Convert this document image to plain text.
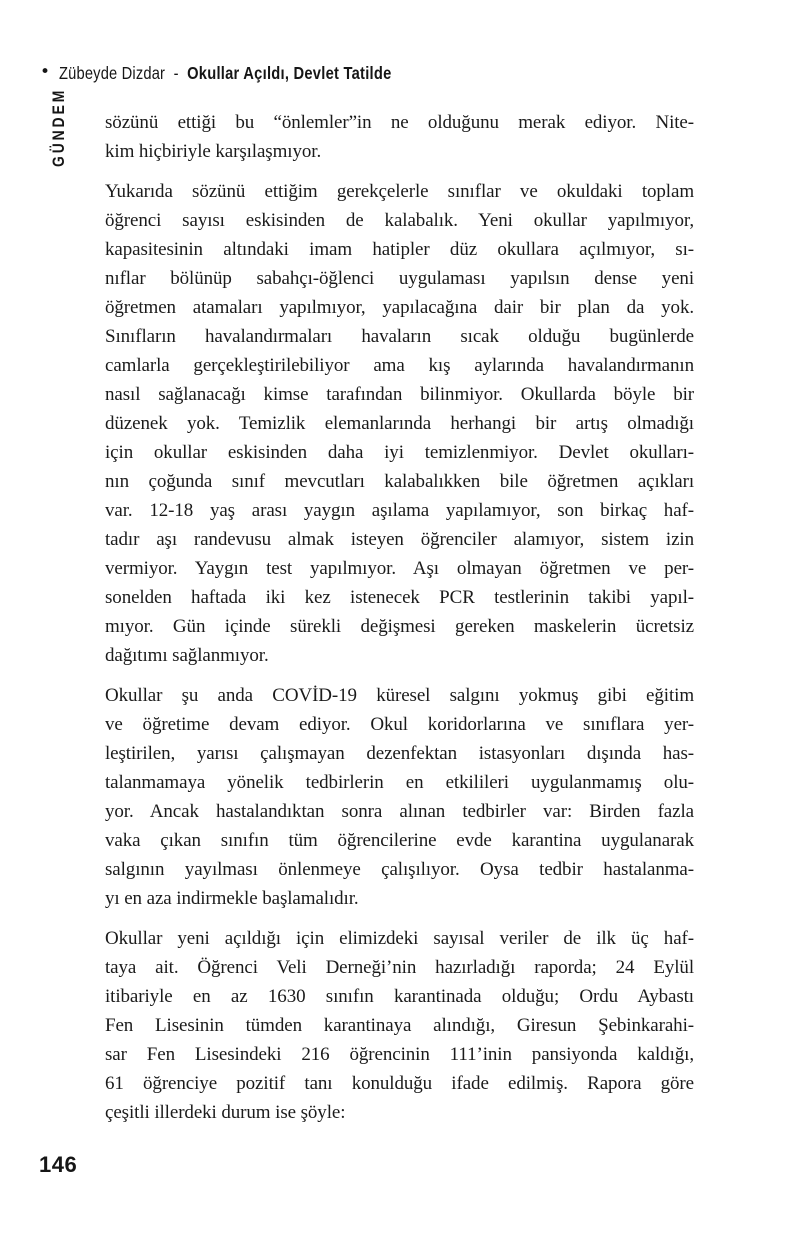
• Zübeyde Dizdar - Okullar Açıldı, Devlet Tatilde
GÜNDEM sözünü ettiği bu “önlemler”in ne olduğunu merak ediyor. Nite-
kim hiçbiriyle karşılaşmıyor.
Yukarıda sözünü ettiğim gerekçelerle sınıflar ve okuldaki toplam
öğrenci sayısı eskisinden de kalabalık. Yeni okullar yapılmıyor,
kapasitesinin altındaki imam hatipler düz okullara açılmıyor, sı-
nıflar bölünüp sabahçı-öğlenci uygulaması yapılsın dense yeni
öğretmen atamaları yapılmıyor, yapılacağına dair bir plan da yok.
Sınıfların havalandırmaları havaların sıcak olduğu bugünlerde
camlarla gerçekleştirilebiliyor ama kış aylarında havalandırmanın
nasıl sağlanacağı kimse tarafından bilinmiyor. Okullarda böyle bir
düzenek yok. Temizlik elemanlarında herhangi bir artış olmadığı
için okullar eskisinden daha iyi temizlenmiyor. Devlet okulları-
nın çoğunda sınıf mevcutları kalabalıkken bile öğretmen açıkları
var. 12-18 yaş arası yaygın aşılama yapılamıyor, son birkaç haf-
tadır aşı randevusu almak isteyen öğrenciler alamıyor, sistem izin
vermiyor. Yaygın test yapılmıyor. Aşı olmayan öğretmen ve per-
sonelden haftada iki kez istenecek PCR testlerinin takibi yapıl-
mıyor. Gün içinde sürekli değişmesi gereken maskelerin ücretsiz
dağıtımı sağlanmıyor.
Okullar şu anda COVİD-19 küresel salgını yokmuş gibi eğitim
ve öğretime devam ediyor. Okul koridorlarına ve sınıflara yer-
leştirilen, yarısı çalışmayan dezenfektan istasyonları dışında has-
talanmamaya yönelik tedbirlerin en etkilileri uygulanmamış olu-
yor. Ancak hastalandıktan sonra alınan tedbirler var: Birden fazla
vaka çıkan sınıfın tüm öğrencilerine evde karantina uygulanarak
salgının yayılması önlenmeye çalışılıyor. Oysa tedbir hastalanma-
yı en aza indirmekle başlamalıdır.
Okullar yeni açıldığı için elimizdeki sayısal veriler de ilk üç haf-
taya ait. Öğrenci Veli Derneği’nin hazırladığı raporda; 24 Eylül
itibariyle en az 1630 sınıfın karantinada olduğu; Ordu Aybastı
Fen Lisesinin tümden karantinaya alındığı, Giresun Şebinkarahi-
sar Fen Lisesindeki 216 öğrencinin 111’inin pansiyonda kaldığı,
61 öğrenciye pozitif tanı konulduğu ifade edilmiş. Rapora göre
çeşitli illerdeki durum ise şöyle:
146
